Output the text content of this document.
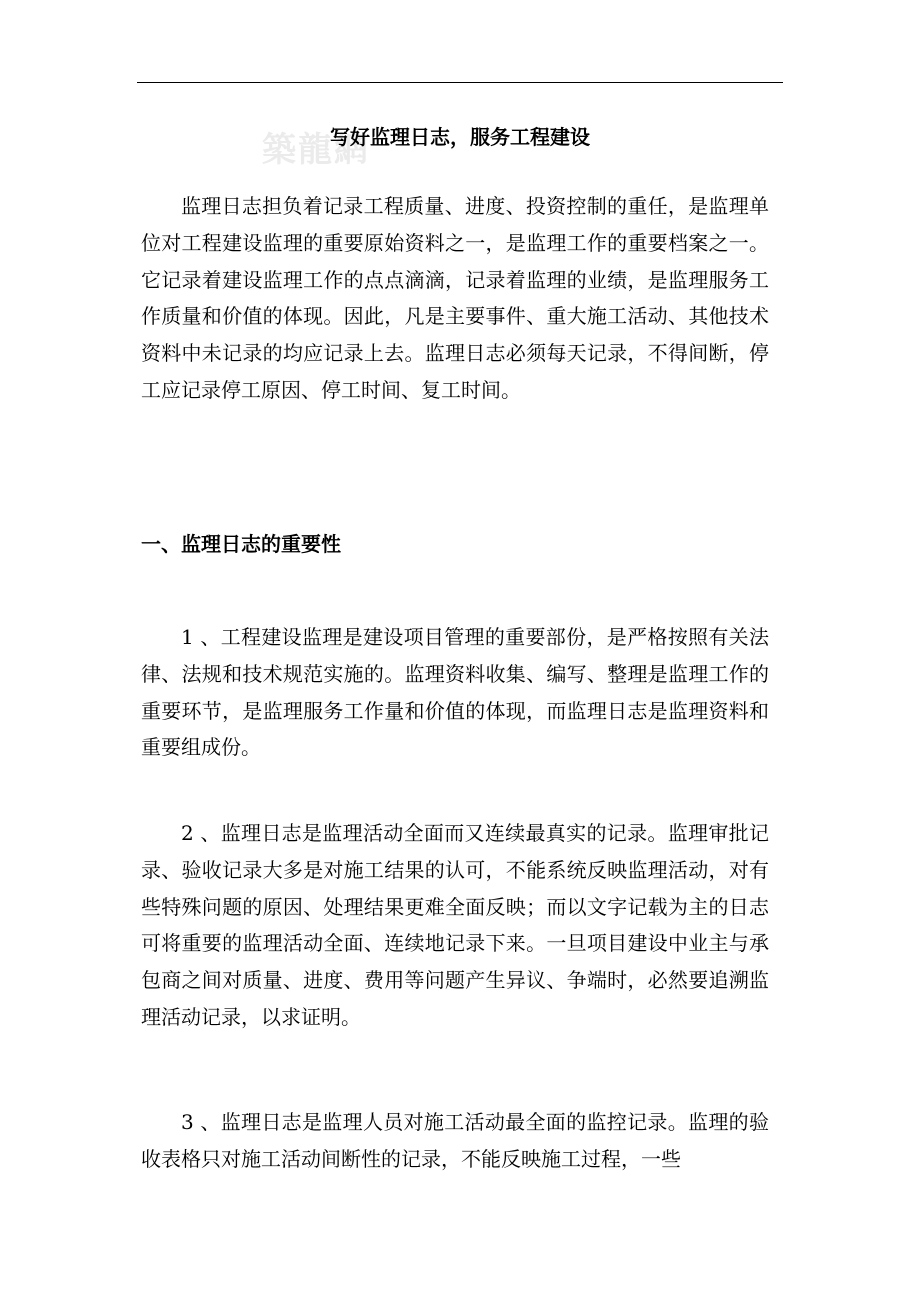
築龍網
写好监理日志，服务工程建设

监理日志担负着记录工程质量、进度、投资控制的重任，是监理单位对工程建设监理的重要原始资料之一，是监理工作的重要档案之一。它记录着建设监理工作的点点滴滴，记录着监理的业绩，是监理服务工作质量和价值的体现。因此，凡是主要事件、重大施工活动、其他技术资料中未记录的均应记录上去。监理日志必须每天记录，不得间断，停工应记录停工原因、停工时间、复工时间。

一、监理日志的重要性

1 、工程建设监理是建设项目管理的重要部份，是严格按照有关法律、法规和技术规范实施的。监理资料收集、编写、整理是监理工作的重要环节，是监理服务工作量和价值的体现，而监理日志是监理资料和重要组成份。

2 、监理日志是监理活动全面而又连续最真实的记录。监理审批记录、验收记录大多是对施工结果的认可，不能系统反映监理活动，对有些特殊问题的原因、处理结果更难全面反映；而以文字记载为主的日志可将重要的监理活动全面、连续地记录下来。一旦项目建设中业主与承包商之间对质量、进度、费用等问题产生异议、争端时，必然要追溯监理活动记录，以求证明。

3 、监理日志是监理人员对施工活动最全面的监控记录。监理的验收表格只对施工活动间断性的记录，不能反映施工过程，一些
